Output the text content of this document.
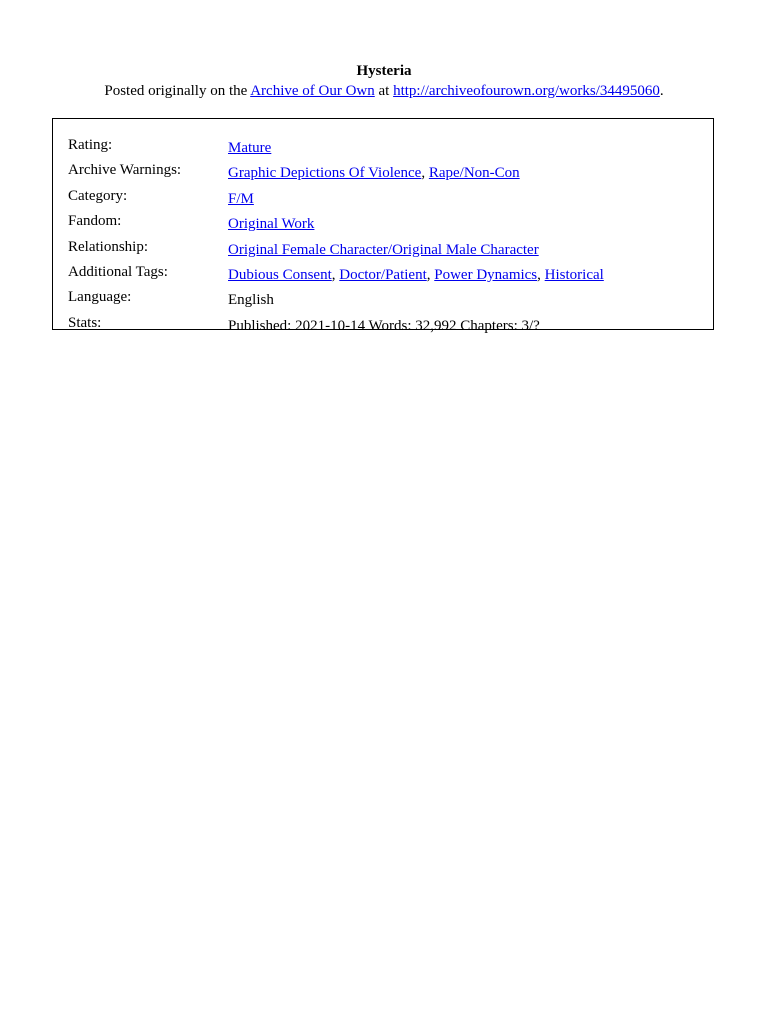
Hysteria

Posted originally on the Archive of Our Own at http://archiveofourown.org/works/34495060.

Rating:	Mature
Archive Warnings:	Graphic Depictions Of Violence, Rape/Non-Con
Category:	F/M
Fandom:	Original Work
Relationship:	Original Female Character/Original Male Character
Additional Tags:	Dubious Consent, Doctor/Patient, Power Dynamics, Historical
Language:	English
Stats:	Published: 2021-10-14 Words: 32,992 Chapters: 3/?
